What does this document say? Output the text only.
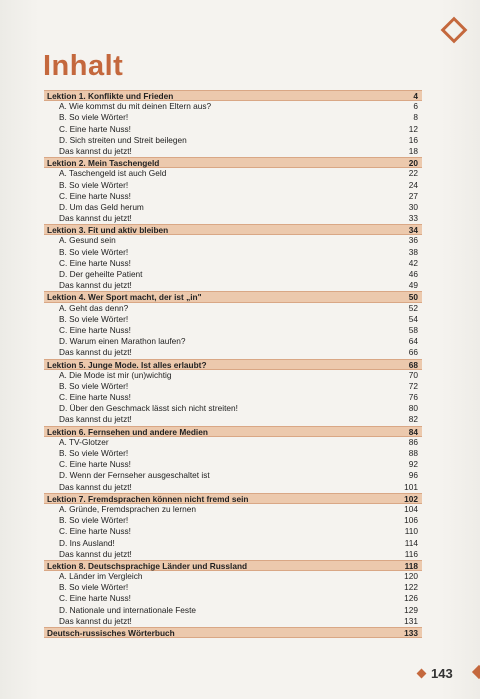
Inhalt
Lektion 1. Konflikte und Frieden	4
A. Wie kommst du mit deinen Eltern aus?	6
B. So viele Wörter!	8
C. Eine harte Nuss!	12
D. Sich streiten und Streit beilegen	16
Das kannst du jetzt!	18
Lektion 2. Mein Taschengeld	20
A. Taschengeld ist auch Geld	22
B. So viele Wörter!	24
C. Eine harte Nuss!	27
D. Um das Geld herum	30
Das kannst du jetzt!	33
Lektion 3. Fit und aktiv bleiben	34
A. Gesund sein	36
B. So viele Wörter!	38
C. Eine harte Nuss!	42
D. Der geheilte Patient	46
Das kannst du jetzt!	49
Lektion 4. Wer Sport macht, der ist „in"	50
A. Geht das denn?	52
B. So viele Wörter!	54
C. Eine harte Nuss!	58
D. Warum einen Marathon laufen?	64
Das kannst du jetzt!	66
Lektion 5. Junge Mode. Ist alles erlaubt?	68
A. Die Mode ist mir (un)wichtig	70
B. So viele Wörter!	72
C. Eine harte Nuss!	76
D. Über den Geschmack lässt sich nicht streiten!	80
Das kannst du jetzt!	82
Lektion 6. Fernsehen und andere Medien	84
A. TV-Glotzer	86
B. So viele Wörter!	88
C. Eine harte Nuss!	92
D. Wenn der Fernseher ausgeschaltet ist	96
Das kannst du jetzt!	101
Lektion 7. Fremdsprachen können nicht fremd sein	102
A. Gründe, Fremdsprachen zu lernen	104
B. So viele Wörter!	106
C. Eine harte Nuss!	110
D. Ins Ausland!	114
Das kannst du jetzt!	116
Lektion 8. Deutschsprachige Länder und Russland	118
A. Länder im Vergleich	120
B. So viele Wörter!	122
C. Eine harte Nuss!	126
D. Nationale und internationale Feste	129
Das kannst du jetzt!	131
Deutsch-russisches Wörterbuch	133
143
